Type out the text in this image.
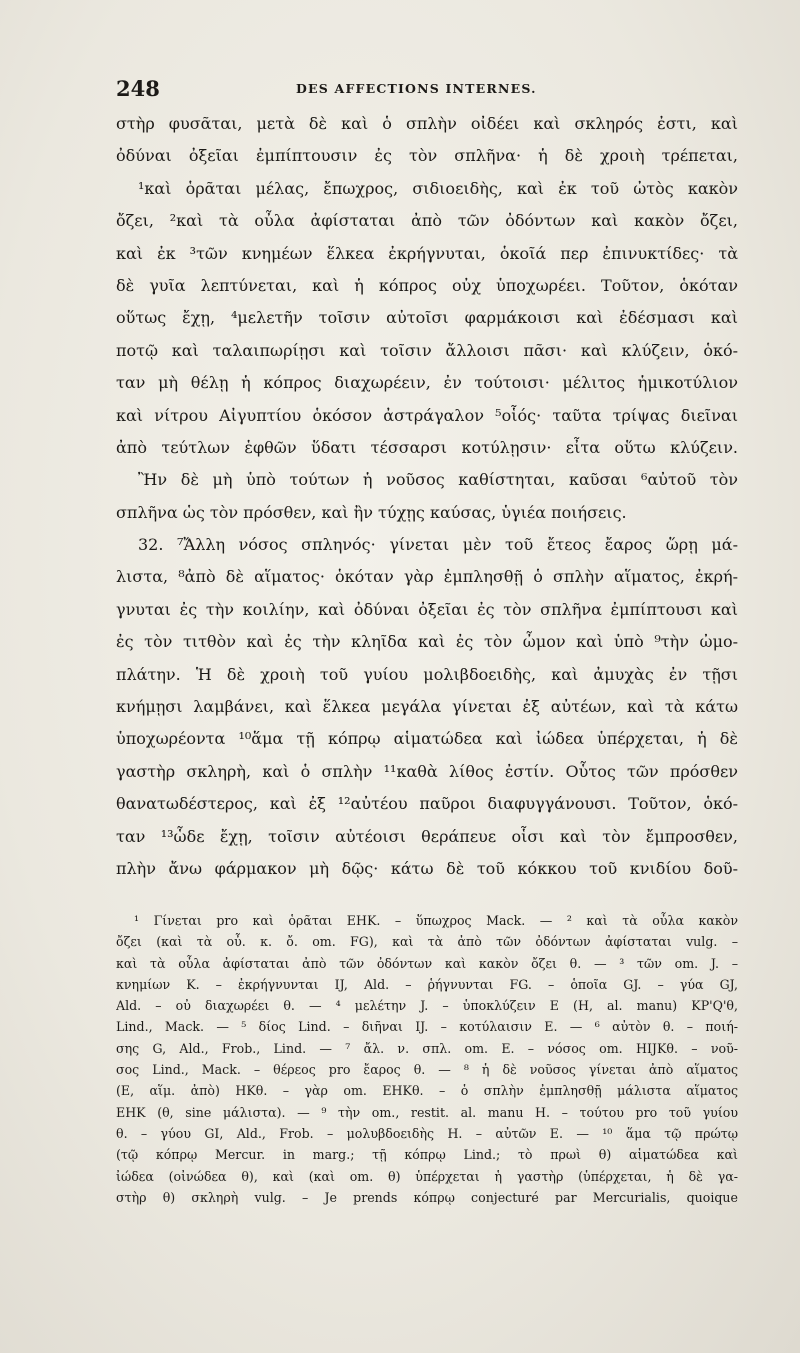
248	DES AFFECTIONS INTERNES.
στὴρ φυσᾶται, μετὰ δὲ καὶ ὁ σπλὴν οἰδέει καὶ σκληρός ἐστι, καὶ
ὀδύναι ὀξεῖαι ἐμπίπτουσιν ἐς τὸν σπλῆνα· ἡ δὲ χροιὴ τρέπεται,
¹καὶ ὁρᾶται μέλας, ἔπωχρος, σιδιοειδὴς, καὶ ἐκ τοῦ ὠτὸς κακὸν
ὄζει, ²καὶ τὰ οὖλα ἀφίσταται ἀπὸ τῶν ὀδόντων καὶ κακὸν ὄζει,
καὶ ἐκ ³τῶν κνημέων ἕλκεα ἐκρήγνυται, ὁκοῖά περ ἐπινυκτίδες· τὰ
δὲ γυῖα λεπτύνεται, καὶ ἡ κόπρος οὐχ ὑποχωρέει. Τοῦτον, ὁκόταν
οὕτως ἔχῃ, ⁴μελετῆν τοῖσιν αὐτοῖσι φαρμάκοισι καὶ ἐδέσμασι καὶ
ποτῷ καὶ ταλαιπωρίῃσι καὶ τοῖσιν ἄλλοισι πᾶσι· καὶ κλύζειν, ὁκό-
ταν μὴ θέλῃ ἡ κόπρος διαχωρέειν, ἐν τούτοισι· μέλιτος ἡμικοτύλιον
καὶ νίτρου Αἰγυπτίου ὁκόσον ἀστράγαλον ⁵οἷός· ταῦτα τρίψας διεῖναι
ἀπὸ τεύτλων ἑφθῶν ὕδατι τέσσαρσι κοτύλῃσιν· εἶτα οὕτω κλύζειν.
Ἢν δὲ μὴ ὑπὸ τούτων ἡ νοῦσος καθίστηται, καῦσαι ⁶αὐτοῦ τὸν
σπλῆνα ὡς τὸν πρόσθεν, καὶ ἢν τύχῃς καύσας, ὑγιέα ποιήσεις.
32. ⁷Ἄλλη νόσος σπληνός· γίνεται μὲν τοῦ ἔτεος ἔαρος ὥρῃ μά-
λιστα, ⁸ἀπὸ δὲ αἵματος· ὁκόταν γὰρ ἐμπλησθῇ ὁ σπλὴν αἵματος, ἐκρή-
γνυται ἐς τὴν κοιλίην, καὶ ὀδύναι ὀξεῖαι ἐς τὸν σπλῆνα ἐμπίπτουσι καὶ
ἐς τὸν τιτθὸν καὶ ἐς τὴν κληῖδα καὶ ἐς τὸν ὦμον καὶ ὑπὸ ⁹τὴν ὠμο-
πλάτην. Ἡ δὲ χροιὴ τοῦ γυίου μολιβδοειδὴς, καὶ ἀμυχὰς ἐν τῇσι
κνήμῃσι λαμβάνει, καὶ ἕλκεα μεγάλα γίνεται ἐξ αὐτέων, καὶ τὰ κάτω
ὑποχωρέοντα ¹⁰ἅμα τῇ κόπρῳ αἱματώδεα καὶ ἰώδεα ὑπέρχεται, ἡ δὲ
γαστὴρ σκληρὴ, καὶ ὁ σπλὴν ¹¹καθὰ λίθος ἐστίν. Οὗτος τῶν πρόσθεν
θανατωδέστερος, καὶ ἐξ ¹²αὐτέου παῦροι διαφυγγάνουσι. Τοῦτον, ὁκό-
ταν ¹³ὧδε ἔχῃ, τοῖσιν αὐτέοισι θεράπευε οἷσι καὶ τὸν ἔμπροσθεν,
πλὴν ἄνω φάρμακον μὴ δῷς· κάτω δὲ τοῦ κόκκου τοῦ κνιδίου δοῦ-
¹ Γίνεται pro καὶ ὁρᾶται EHK. – ὕπωχρος Mack. — ² καὶ τὰ οὖλα κακὸν
ὄζει (καὶ τὰ οὖ. κ. ὄ. om. FG), καὶ τὰ ἀπὸ τῶν ὀδόντων ἀφίσταται vulg. –
καὶ τὰ οὖλα ἀφίσταται ἀπὸ τῶν ὀδόντων καὶ κακὸν ὄζει θ. — ³ τῶν om. J. –
κνημίων K. – ἐκρήγνυνται IJ, Ald. – ῥήγνυνται FG. – ὁποῖα GJ. – γύα GJ,
Ald. – οὐ διαχωρέει θ. — ⁴ μελέτην J. – ὑποκλύζειν E (H, al. manu) KP'Q'θ,
Lind., Mack. — ⁵ δίος Lind. – διῆναι IJ. – κοτύλαισιν E. — ⁶ αὐτὸν θ. – ποιή-
σης G, Ald., Frob., Lind. — ⁷ ἄλ. ν. σπλ. om. E. – νόσος om. HIJKθ. – νοῦ-
σος Lind., Mack. – θέρεος pro ἔαρος θ. — ⁸ ἡ δὲ νοῦσος γίνεται ἀπὸ αἵματος
(E, αἵμ. ἀπὸ) HKθ. – γὰρ om. EHKθ. – ὁ σπλὴν ἐμπλησθῇ μάλιστα αἵματος
EHK (θ, sine μάλιστα). — ⁹ τὴν om., restit. al. manu H. – τούτου pro τοῦ γυίου
θ. – γύου GI, Ald., Frob. – μολυβδοειδὴς H. – αὐτῶν E. — ¹⁰ ἅμα τῷ πρώτῳ
(τῷ κόπρῳ Mercur. in marg.; τῇ κόπρῳ Lind.; τὸ πρωὶ θ) αἱματώδεα καὶ
ἰώδεα (οἰνώδεα θ), καὶ (καὶ om. θ) ὑπέρχεται ἡ γαστὴρ (ὑπέρχεται, ἡ δὲ γα-
στὴρ θ) σκληρὴ vulg. – Je prends κόπρῳ conjecturé par Mercurialis, quoique
